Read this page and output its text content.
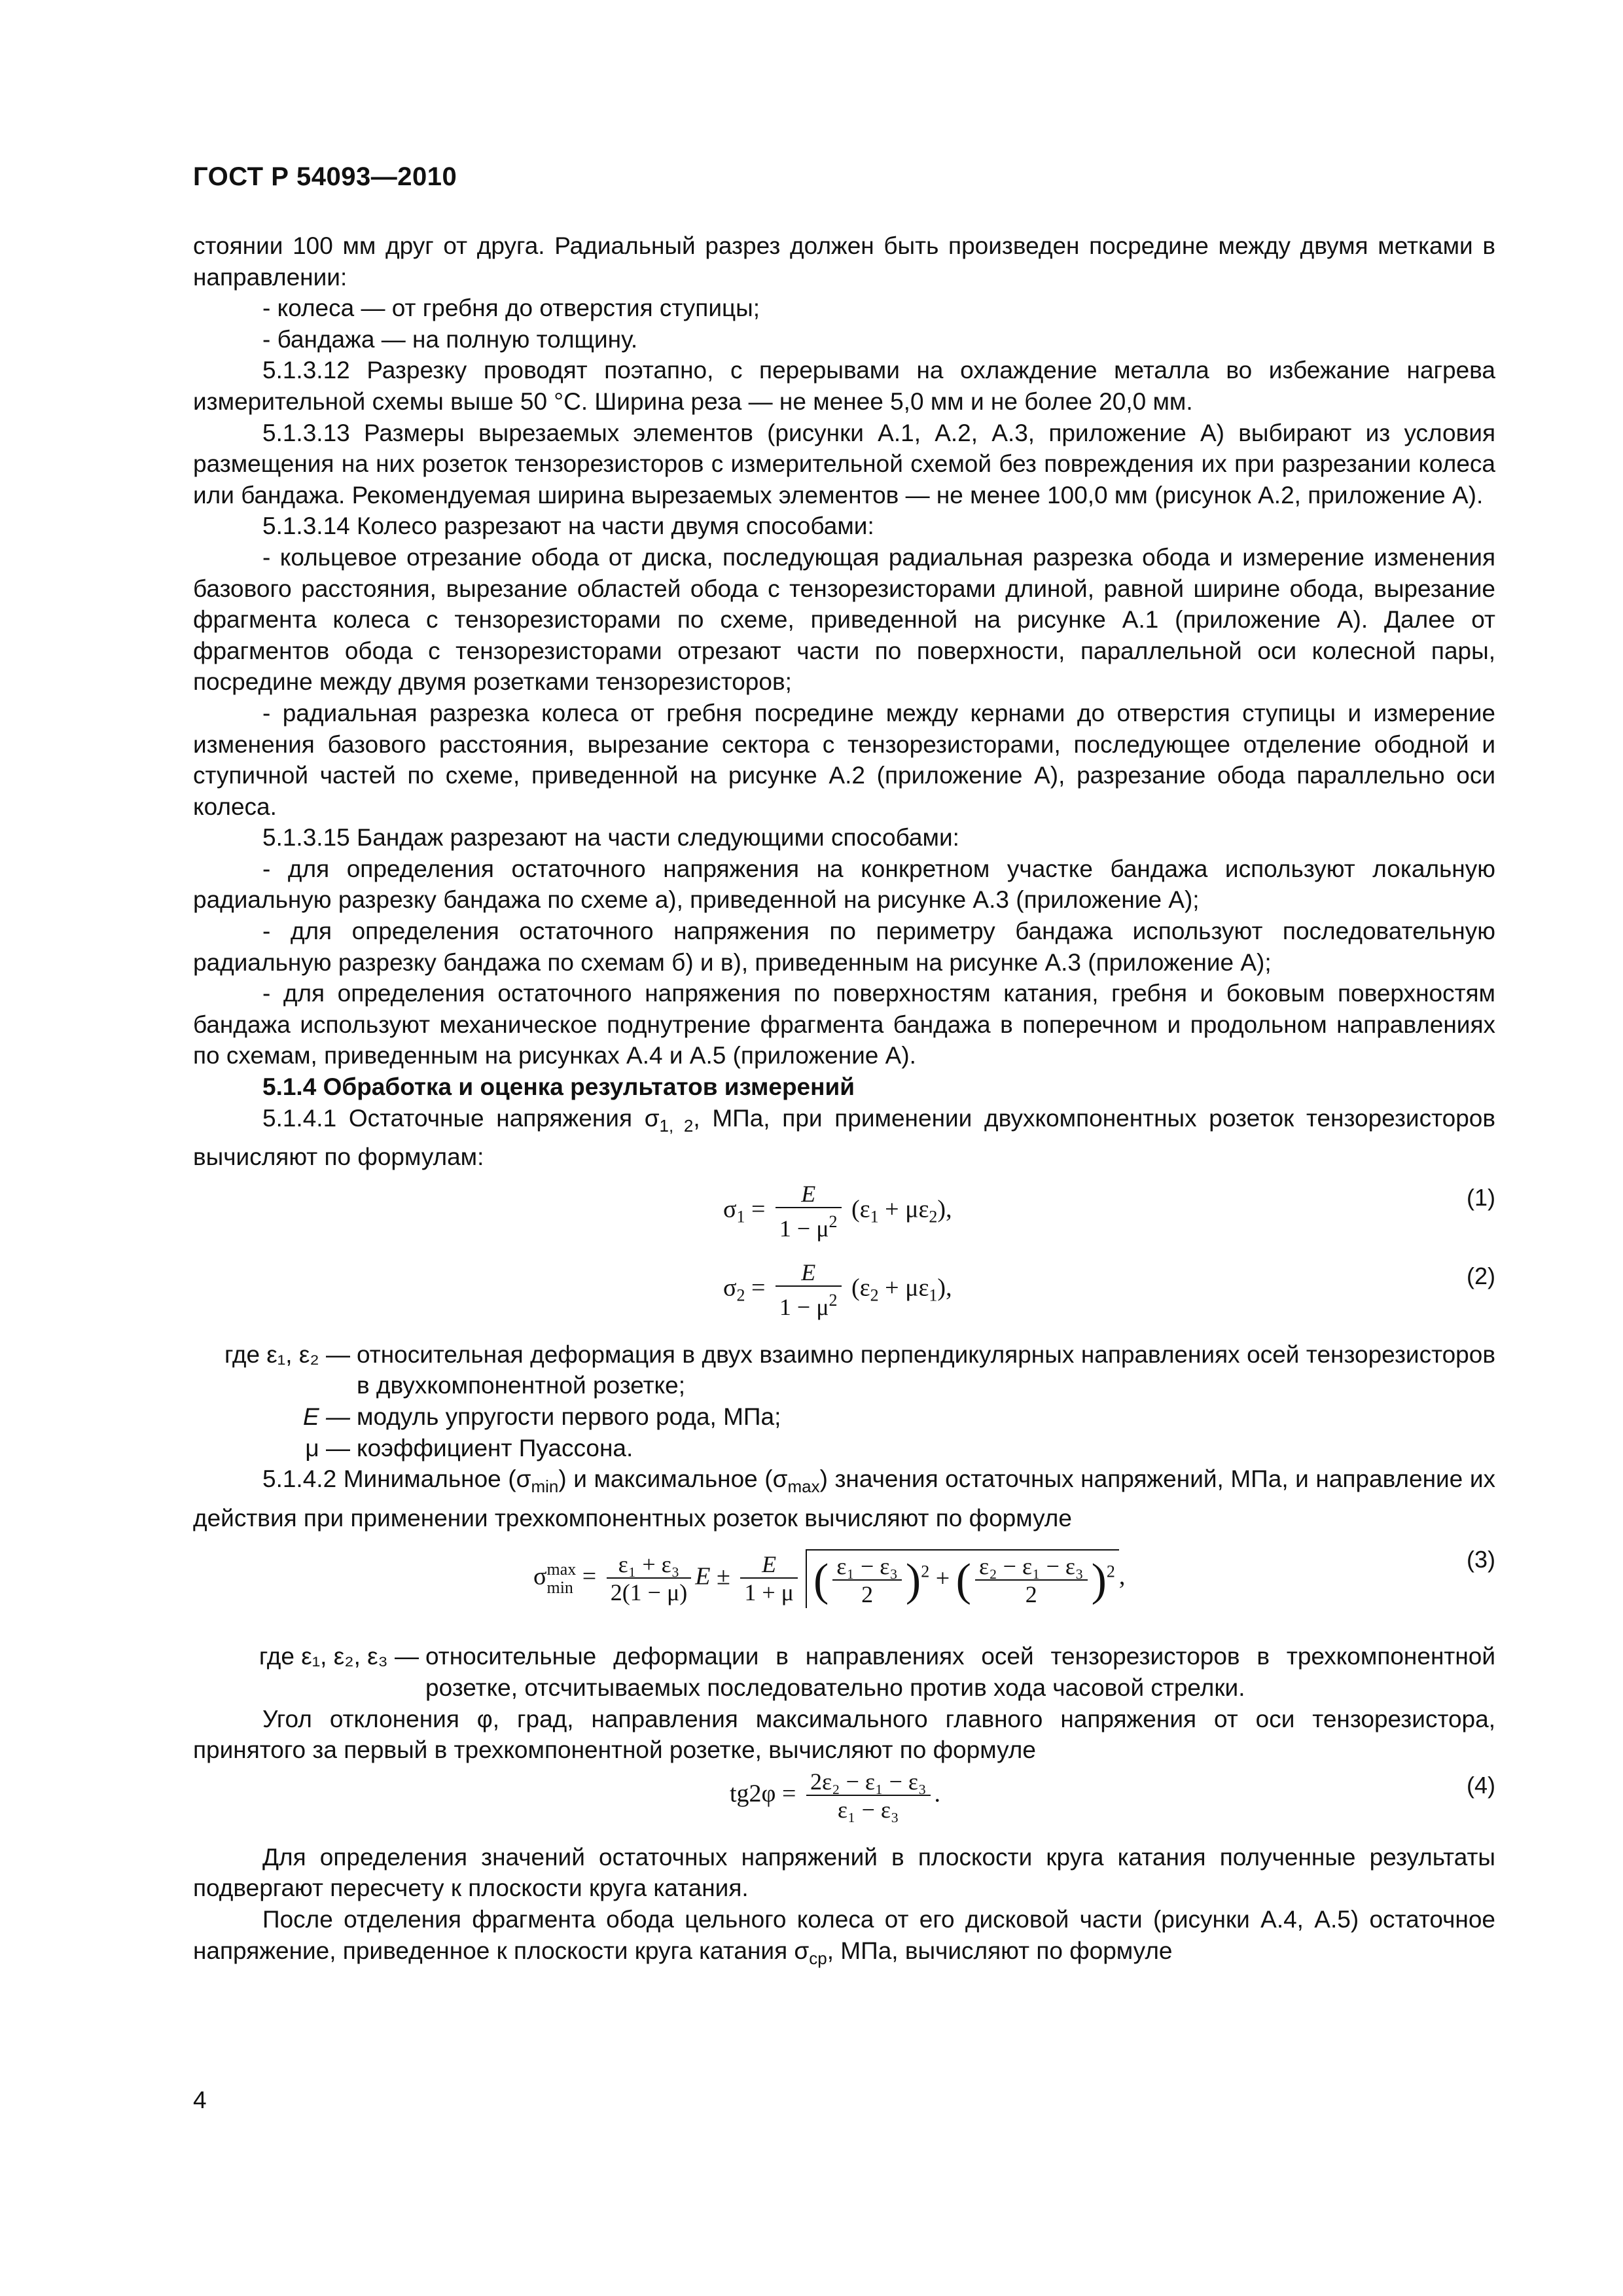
ГОСТ Р 54093—2010

стоянии 100 мм друг от друга. Радиальный разрез должен быть произведен посредине между двумя метками в направлении:

- колеса — от гребня до отверстия ступицы;

- бандажа — на полную толщину.

5.1.3.12 Разрезку проводят поэтапно, с перерывами на охлаждение металла во избежание нагрева измерительной схемы выше 50 °С. Ширина реза — не менее 5,0 мм и не более 20,0 мм.

5.1.3.13 Размеры вырезаемых элементов (рисунки А.1, А.2, А.3, приложение А) выбирают из условия размещения на них розеток тензорезисторов с измерительной схемой без повреждения их при разрезании колеса или бандажа. Рекомендуемая ширина вырезаемых элементов — не менее 100,0 мм (рисунок А.2, приложение А).

5.1.3.14 Колесо разрезают на части двумя способами:

- кольцевое отрезание обода от диска, последующая радиальная разрезка обода и измерение изменения базового расстояния, вырезание областей обода с тензорезисторами длиной, равной ширине обода, вырезание фрагмента колеса с тензорезисторами по схеме, приведенной на рисунке А.1 (приложение А). Далее от фрагментов обода с тензорезисторами отрезают части по поверхности, параллельной оси колесной пары, посредине между двумя розетками тензорезисторов;

- радиальная разрезка колеса от гребня посредине между кернами до отверстия ступицы и измерение изменения базового расстояния, вырезание сектора с тензорезисторами, последующее отделение ободной и ступичной частей по схеме, приведенной на рисунке А.2 (приложение А), разрезание обода параллельно оси колеса.

5.1.3.15 Бандаж разрезают на части следующими способами:

- для определения остаточного напряжения на конкретном участке бандажа используют локальную радиальную разрезку бандажа по схеме а), приведенной на рисунке А.3 (приложение А);

- для определения остаточного напряжения по периметру бандажа используют последовательную радиальную разрезку бандажа по схемам б) и в), приведенным на рисунке А.3 (приложение А);

- для определения остаточного напряжения по поверхностям катания, гребня и боковым поверхностям бандажа используют механическое поднутрение фрагмента бандажа в поперечном и продольном направлениях по схемам, приведенным на рисунках А.4 и А.5 (приложение А).

5.1.4 Обработка и оценка результатов измерений

5.1.4.1 Остаточные напряжения $\sigma_{1, 2}$, МПа, при применении двухкомпонентных розеток тензорезисторов вычисляют по формулам:

$\sigma_1 = \frac{E}{1 - \mu^2} (\varepsilon_1 + \mu\varepsilon_2)$,	(1)
$\sigma_2 = \frac{E}{1 - \mu^2} (\varepsilon_2 + \mu\varepsilon_1)$,	(2)
где ε₁, ε₂ — относительная деформация в двух взаимно перпендикулярных направлениях осей тензорезисторов в двухкомпонентной розетке;
E — модуль упругости первого рода, МПа;
μ — коэффициент Пуассона.

5.1.4.2 Минимальное $(\sigma_{min})$ и максимальное $(\sigma_{max})$ значения остаточных напряжений, МПа, и направление их действия при применении трехкомпонентных розеток вычисляют по формуле

σ max
$\min = \frac{\text{ε₁ + ε₃}}{2(1 - \mu)}$ $E \pm \frac{E}{1 + \mu}$ ( $\frac{\text{ε₁ − ε₃}}{2} )^2$ + ( $\frac{\text{ε₂ − ε₁ − ε₃}}{2} )^2$ ,
(3)
где ε₁, ε₂, ε₃ — относительные деформации в направлениях осей тензорезисторов в трехкомпонентной розетке, отсчитываемых последовательно против хода часовой стрелки.

Угол отклонения φ, град, направления максимального главного напряжения от оси тензорезистора, принятого за первый в трехкомпонентной розетке, вычисляют по формуле

$tg2\varphi = \frac{\text{2ε₂ − ε₁ − ε₃}}{\text{ε₁ − ε₃}}$ .	(4)

Для определения значений остаточных напряжений в плоскости круга катания полученные результаты подвергают пересчету к плоскости круга катания.

После отделения фрагмента обода цельного колеса от его дисковой части (рисунки А.4, А.5) остаточное напряжение, приведенное к плоскости круга катания $\sigma_{ср}$, МПа, вычисляют по формуле

4
